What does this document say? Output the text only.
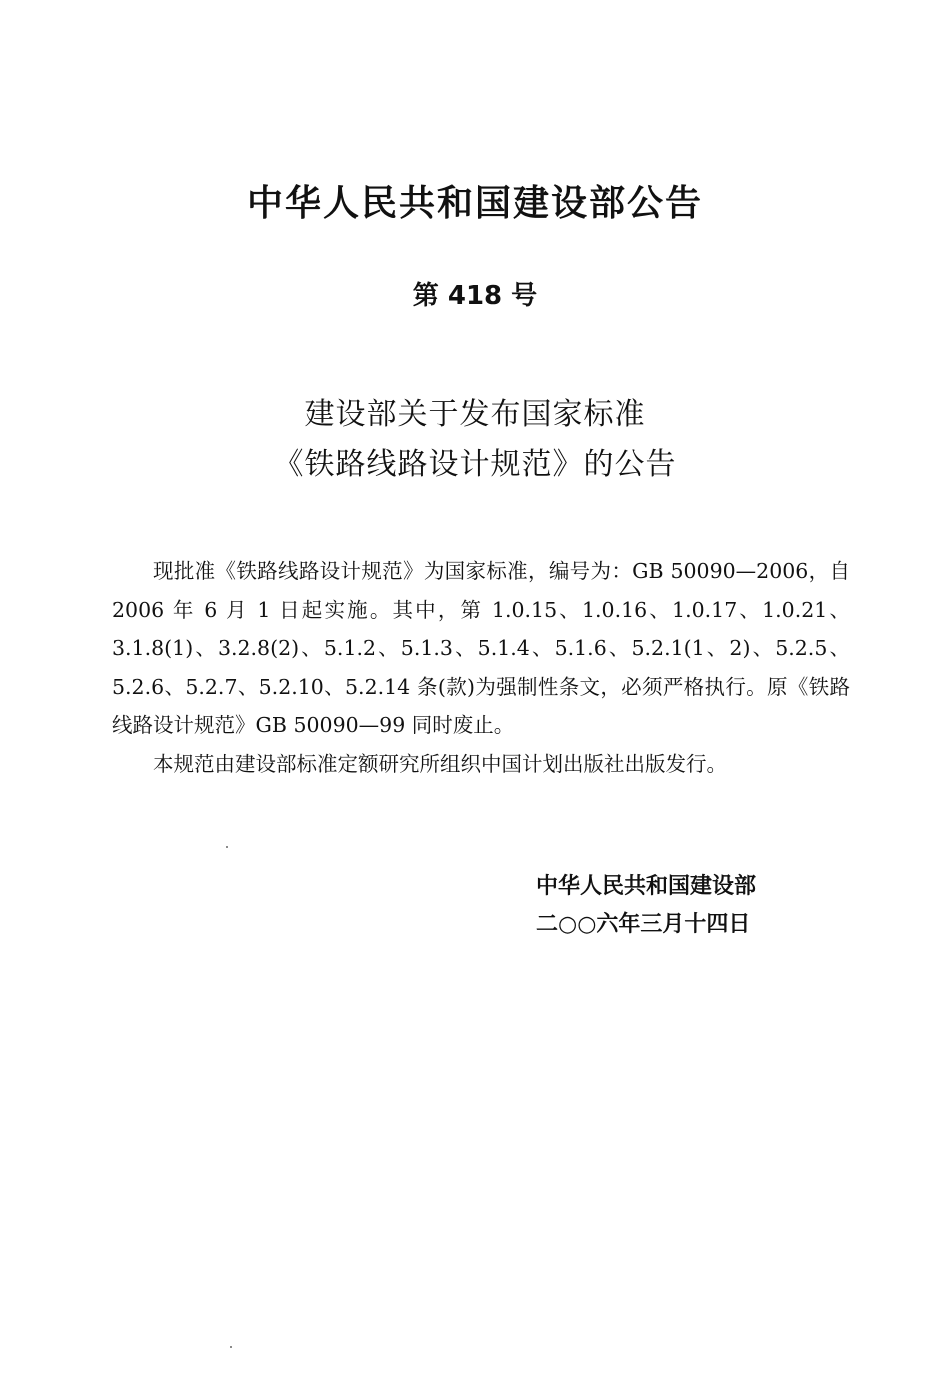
中华人民共和国建设部公告
第 418 号
建设部关于发布国家标准
《铁路线路设计规范》的公告

现批准《铁路线路设计规范》为国家标准，编号为：GB 50090—2006，自 2006 年 6 月 1 日起实施。其中，第 1.0.15、1.0.16、1.0.17、1.0.21、3.1.8(1)、3.2.8(2)、5.1.2、5.1.3、5.1.4、5.1.6、5.2.1(1、2)、5.2.5、5.2.6、5.2.7、5.2.10、5.2.14 条(款)为强制性条文，必须严格执行。原《铁路线路设计规范》GB 50090—99 同时废止。

本规范由建设部标准定额研究所组织中国计划出版社出版发行。

中华人民共和国建设部
二○○六年三月十四日
